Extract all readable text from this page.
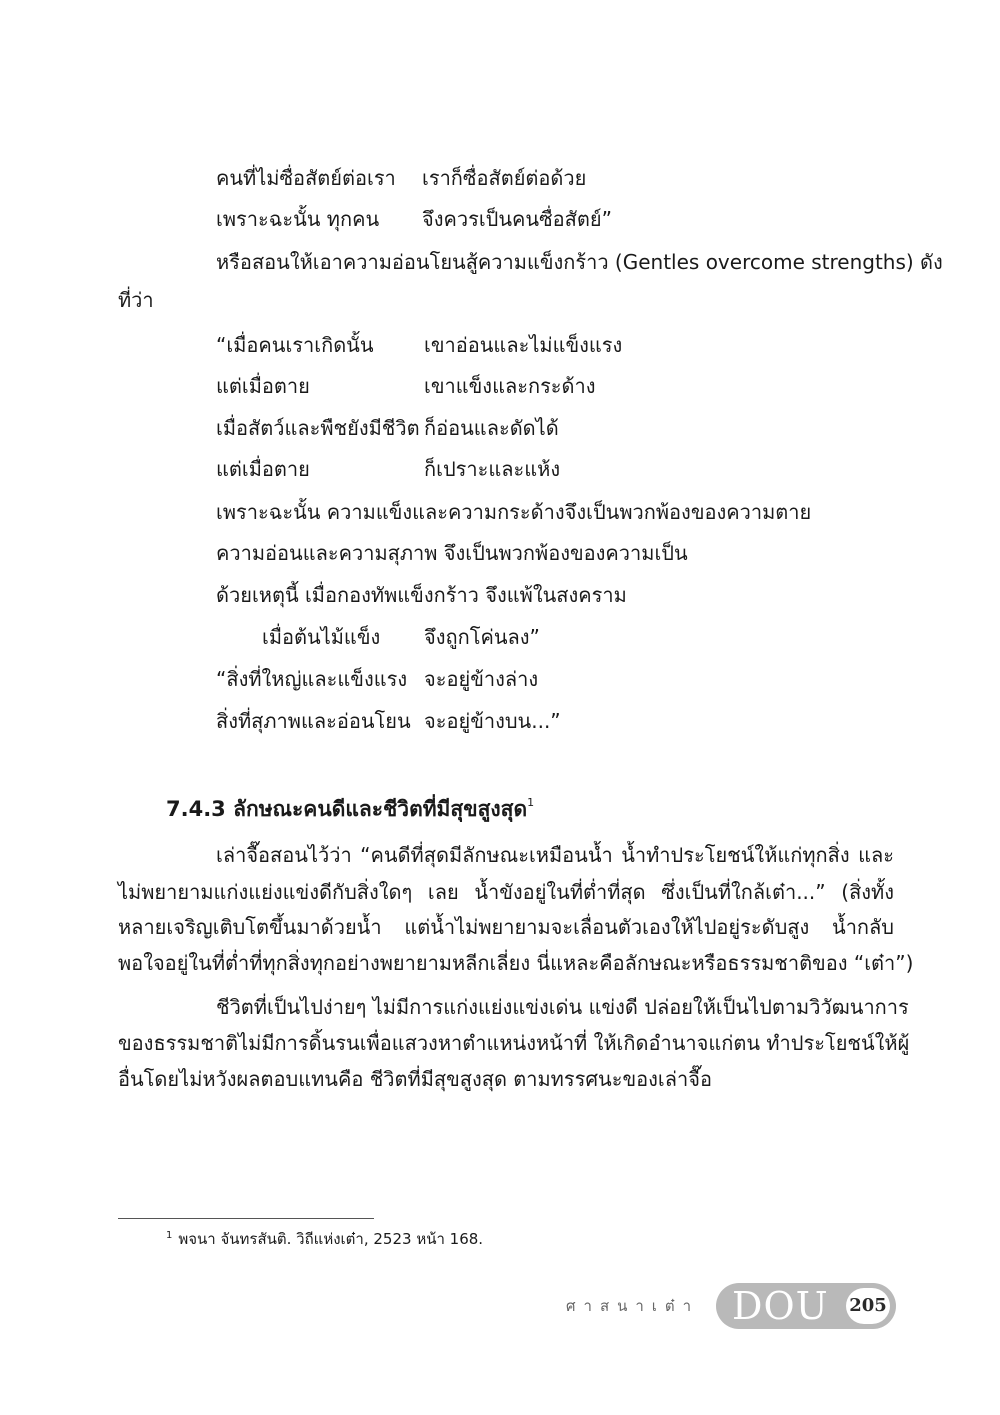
คนที่ไม่ซื่อสัตย์ต่อเรา เราก็ซื่อสัตย์ต่อด้วย
เพราะฉะนั้น ทุกคน จึงควรเป็นคนซื่อสัตย์”
หรือสอนให้เอาความอ่อนโยนสู้ความแข็งกร้าว (Gentles overcome strengths) ดัง
ที่ว่า
“เมื่อคนเราเกิดนั้น	เขาอ่อนและไม่แข็งแรง
แต่เมื่อตาย	เขาแข็งและกระด้าง
เมื่อสัตว์และพืชยังมีชีวิต ก็อ่อนและดัดได้
แต่เมื่อตาย	ก็เปราะและแห้ง
เพราะฉะนั้น ความแข็งและความกระด้างจึงเป็นพวกพ้องของความตาย
ความอ่อนและความสุภาพ จึงเป็นพวกพ้องของความเป็น
ด้วยเหตุนี้ เมื่อกองทัพแข็งกร้าว จึงแพ้ในสงคราม
เมื่อต้นไม้แข็ง จึงถูกโค่นลง”
“สิ่งที่ใหญ่และแข็งแรง จะอยู่ข้างล่าง
สิ่งที่สุภาพและอ่อนโยน จะอยู่ข้างบน...”
7.4.3 ลักษณะคนดีและชีวิตที่มีสุขสูงสุด$^1$
เล่าจื๊อสอนไว้ว่า “คนดีที่สุดมีลักษณะเหมือนน้ำ น้ำทำประโยชน์ให้แก่ทุกสิ่ง และ
ไม่พยายามแก่งแย่งแข่งดีกับสิ่งใดๆ เลย น้ำขังอยู่ในที่ต่ำที่สุด ซึ่งเป็นที่ใกล้เต๋า...” (สิ่งทั้ง
หลายเจริญเติบโตขึ้นมาด้วยน้ำ แต่น้ำไม่พยายามจะเลื่อนตัวเองให้ไปอยู่ระดับสูง น้ำกลับ
พอใจอยู่ในที่ต่ำที่ทุกสิ่งทุกอย่างพยายามหลีกเลี่ยง นี่แหละคือลักษณะหรือธรรมชาติของ “เต๋า”)
ชีวิตที่เป็นไปง่ายๆ ไม่มีการแก่งแย่งแข่งเด่น แข่งดี ปล่อยให้เป็นไปตามวิวัฒนาการ
ของธรรมชาติไม่มีการดิ้นรนเพื่อแสวงหาตำแหน่งหน้าที่ ให้เกิดอำนาจแก่ตน ทำประโยชน์ให้ผู้
อื่นโดยไม่หวังผลตอบแทนคือ ชีวิตที่มีสุขสูงสุด ตามทรรศนะของเล่าจื๊อ
$^1$ พจนา จันทรสันติ. วิถีแห่งเต๋า, 2523 หน้า 168.
ศาสนาเต๋า DOU 205
